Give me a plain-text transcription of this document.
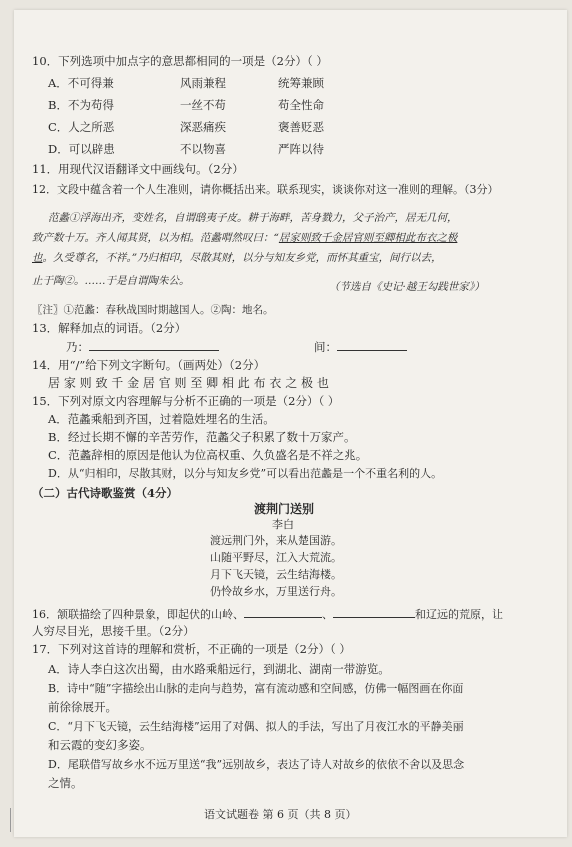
10．下列选项中加点字的意思都相同的一项是（2分）（ ）
A．不可得兼	风雨兼程	统筹兼顾
B．不为苟得	一丝不苟	苟全性命
C．人之所恶	深恶痛疾	褒善贬恶
D．可以辟患	不以物喜	严阵以待
11．用现代汉语翻译文中画线句。（2分）
12．文段中蕴含着一个人生准则，请你概括出来。联系现实，谈谈你对这一准则的理解。（3分）
范蠡①浮海出齐，变姓名，自谓鸱夷子皮。耕于海畔，苦身戮力，父子治产，居无几何，
致产数十万。齐人闻其贤，以为相。范蠡喟然叹曰：“居家则致千金居官则至卿相此布衣之极
也。久受尊名，不祥。”乃归相印，尽散其财，以分与知友乡党，而怀其重宝，间行以去，
止于陶②。……于是自谓陶朱公。	（节选自《史记·越王勾践世家》）
〖注〗①范蠡：春秋战国时期越国人。②陶：地名。
13．解释加点的词语。（2分）
乃：	间：
14．用“/”给下列文字断句。（画两处）（2分）
居 家 则 致 千 金 居 官 则 至 卿 相 此 布 衣 之 极 也
15．下列对原文内容理解与分析不正确的一项是（2分）（ ）
A．范蠡乘船到齐国，过着隐姓埋名的生活。
B．经过长期不懈的辛苦劳作，范蠡父子积累了数十万家产。
C．范蠡辞相的原因是他认为位高权重、久负盛名是不祥之兆。
D．从“归相印，尽散其财，以分与知友乡党”可以看出范蠡是一个不重名利的人。
（二）古代诗歌鉴赏（4分）
渡荆门送别
李白
渡远荆门外，来从楚国游。
山随平野尽，江入大荒流。
月下飞天镜，云生结海楼。
仍怜故乡水，万里送行舟。
16．颔联描绘了四种景象，即起伏的山岭、	、	和辽远的荒原，让
人穷尽目光，思接千里。（2分）
17．下列对这首诗的理解和赏析，不正确的一项是（2分）（ ）
A．诗人李白这次出蜀，由水路乘船远行，到湖北、湖南一带游览。
B．诗中“随”字描绘出山脉的走向与趋势，富有流动感和空间感，仿佛一幅图画在你面
前徐徐展开。
C．“月下飞天镜，云生结海楼”运用了对偶、拟人的手法，写出了月夜江水的平静美丽
和云霞的变幻多姿。
D．尾联借写故乡水不远万里送“我”远别故乡，表达了诗人对故乡的依依不舍以及思念
之情。
语文试题卷 第 6 页（共 8 页）
